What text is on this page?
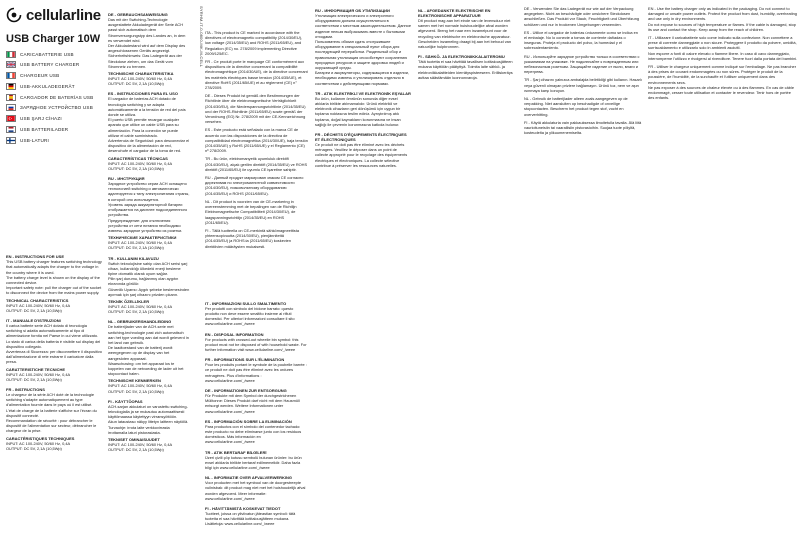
cellularline
USB Charger 10W
CARICABATTERIE USB
USB BATTERY CHARGER
CHARGEUR USB
USB-AKKULADEGERÄT
CARGADOR DE BATERÍAS USB
ЗАРЯДНОЕ УСТРОЙСТВО USB
USB ŞARJ CİHAZI
USB BATTERILADER
USB-LATURI
EN - INSTRUCTIONS FOR USE
This USB battery charger features switching technology that automatically adapts the charger to the voltage in the country where it is used.
The battery charge level is shown on the display of the connected device.
Important safety note: pull the charger out of the socket to disconnect the device from the mains power supply.
TECHNICAL CHARACTERISTICS
INPUT: AC 100-240V, 50/60 Hz, 0,4A
OUTPUT: DC 5V, 2,1A (10,5Wp)
IT - MANUALE D'ISTRUZIONI
Il carica batterie serie ACH dotato di tecnologia switching si adatta automaticamente al tipo di alimentazione fornita nel Paese in cui viene utilizzato.
Lo stato di carica della batteria è visibile sul display del dispositivo collegato.
Avvertenza di Sicurezza: per disconnettere il dispositivo dall'alimentazione di rete estrarre il caricatore dalla presa.
CARATTERISTICHE TECNICHE
INPUT: AC 100-240V, 50/60 Hz, 0,4A
OUTPUT: DC 5V, 2,1A (10,5Wp)
FR - INSTRUCTIONS
Le chargeur de la série ACH doté de la technologie switching s'adapte automatiquement au type d'alimentation fournie dans le pays où il est utilisé.
L'état de charge de la batterie s'affiche sur l'écran du dispositif connecté.
Recommandation de sécurité : pour débrancher le dispositif de l'alimentation sur secteur, débrancher le chargeur de la prise.
CARACTÉRISTIQUES TECHNIQUES
INPUT: AC 100-240V, 50/60 Hz, 0,4A
OUTPUT: DC 5V, 2,1A (10,5Wp)
DE - GEBRAUCHSANWEISUNG
Das mit der Switching-Technologie ausgestattete Akkuladegerät der Serie ACH passt sich automatisch dem Stromversorgungstyp des Landes an, in dem es verwendet wird.
Der Akkuladestand wird auf dem Display des angeschlossenen Geräts angezeigt.
Sicherheitshinweis: Das Ladegerät aus der Steckdose ziehen, um das Gerät vom Stromnetz zu trennen.
TECHNISCHE CHARAKTERISTIKA
INPUT: AC 100-240V, 50/60 Hz, 0,4A
OUTPUT: DC 5V, 2,1A (10,5Wp)
ES - INSTRUCCIONES PARA EL USO
El cargador de baterías ACH dotado de tecnología switching y se adapta automáticamente a la tensión de red del país donde se utiliza.
El puerto USB permite recargar cualquier aparato que utilice un cable USB para su alimentación. Para la conexión se puede utilizar el cable suministrado.
Advertencia de Seguridad: para desconectar el dispositivo de la alimentación de red, desenchufe el cargador de la toma de red.
CARACTERÍSTICAS TÉCNICAS
INPUT: AC 100-240V, 50/60 Hz, 0,4A
OUTPUT: DC 5V, 2,1A (10,5Wp)
RU - ИНСТРУКЦИЯ
Зарядное устройство серии ACH оснащено технологией switching и автоматически адаптируется к типу электропитания страны, в которой оно используется.
Уровень заряда аккумуляторной батареи отображается на дисплее подсоединенного устройства.
Предупреждение: для отключения устройства от сети питания необходимо извлечь зарядное устройство из розетки.
ТЕХНИЧЕСКИЕ ХАРАКТЕРИСТИКИ
INPUT: AC 100-240V, 50/60 Hz, 0,4A
OUTPUT: DC 5V, 2,1A (10,5Wp)
TR - KULLANIM KILAVUZU
Switch teknolojisine sahip olan ACH serisi şarj cihazı, kullanıldığı ülkedeki enerji besleme tipine otomatik olarak uyum sağlar.
Pilin şarj durumu, bağlanmış olan aygıtın ekranında görülür.
Güvenlik Uyarısı: Aygıtı şebeke beslemesinden ayırmak için şarj cihazını prizden çıkarın.
TEKNİK ÖZELLİKLER
INPUT: AC 100-240V, 50/60 Hz, 0,4A
OUTPUT: DC 5V, 2,1A (10,5Wp)
NL - GEBRUIKERSHANDLEIDING
De batterijlader van de ACH-serie met switching-technologie past zich automatisch aan het type voeding aan dat wordt geleverd in het land van gebruik.
De laadtoestand van de batterij wordt weergegeven op de display van het aangesloten apparaat.
Waarschuwing: om het apparaat los te koppelen van de netvoeding de lader uit het stopcontact halen.
TECHNISCHE KENMERKEN
INPUT: AC 100-240V, 50/60 Hz, 0,4A
OUTPUT: DC 5V, 2,1A (10,5Wp)
FI - KÄYTTÖOPAS
ACH-sarjan akkulaturi on varustettu switching-teknologialla ja se mukautuu automaattisesti käyttömaassa käytettyyn virransyöttöön.
Akun lataustaso näkyy liitetyn laitteen näytöllä.
Turvaohje: irrota laite verkkovirrasta irrottamalla laturi pistorasiasta.
TEKNISET OMINAISUUDET
INPUT: AC 100-240V, 50/60 Hz, 0,4A
OUTPUT: DC 5V, 2,1A (10,5Wp)
SYRHM-IT-0-0800-MK-M-CELL ITA - This product is CE marked in accordance with the directives of electromagnetic compatibility (2014/30/EU), low voltage (2014/35/EU) and ROHS (2011/65/EU), and Regulation (EC) no. 278/2009 implementing Directive 2009/125/EC.
FR - Ce produit porte le marquage CE conformément aux dispositions de la directive concernant la compatibilité électromagnétique (2014/30/UE), de la directive concernant les matériels électriques basse tension (2014/35/UE), et directive RoHS (2011/65/UE) et au règlement (CE) n° 278/2009.
DE - Dieses Produkt ist gemäß den Bestimmungen der Richtlinie über die elektromagnetische Verträglichkeit (2014/30/EU), die Niederspannungsrichtlinie (2014/35/EU) und der ROHS-Richtlinie (2011/65/EU) sowie gemäß der Verordnung (EG) Nr. 278/2009 mit der CE-Kennzeichnung versehen.
ES - Este producto está señalado con la marca CE de acuerdo con las disposiciones de la directiva de compatibilidad electromagnética (2014/30/UE), baja tensión (2014/35/UE) y RoHS (2011/65/UE) y el Reglamento (CE) nº 278/2009.
TR - Bu ürün, elektromanyetik uyumluluk direktifi (2014/30/EU), alçak gerilim direktifi (2014/35/EU) ve ROHS direktifi (2011/65/EU) ile uyumlu CE işaretine sahiptir.
RU - Данный продукт маркирован знаком CE согласно директивам по электромагнитной совместимости (2014/30/EU), низковольтному оборудованию (2014/35/EU) и ROHS (2011/65/EU).
NL - Dit product is voorzien van de CE-markering in overeenstemming met de bepalingen van de Richtlijn Elektromagnetische Compatibiliteit (2014/30/EU), de laagspanningsrichtlijn (2014/35/EU) en ROHS (2011/65/EU).
FI - Tällä tuotteella on CE-merkintä sähkömagneettista yhteensopivuutta (2014/30/EU), pienjännitettä (2014/35/EU) ja ROHS:ia (2011/65/EU) koskevien direktiivien määräysten mukaisesti.
IT - INFORMAZIONI SULLO SMALTIMENTO
Per prodotti con simbolo del bidone barrato: questo prodotto non deve essere smaltito insieme ai rifiuti domestici. Per ulteriori informazioni consultare il sito www.cellularline.com/_/weee
EN - DISPOSAL INFORMATION
For products with crossed-out wheelie bin symbol: this product must not be disposed of with household waste. For further information visit www.cellularline.com/_/weee
FR - INFORMATIONS SUR L'ÉLIMINATION
Pour les produits portant le symbole de la poubelle barrée : ce produit ne doit pas être éliminé avec les ordures ménagères. Plus d'informations : www.cellularline.com/_/weee
DE - INFORMATIONEN ZUR ENTSORGUNG
Für Produkte mit dem Symbol der durchgestrichenen Mülltonne: Dieses Produkt darf nicht mit dem Hausmüll entsorgt werden. Weitere Informationen unter www.cellularline.com/_/weee
ES - INFORMACIÓN SOBRE LA ELIMINACIÓN
Para productos con el símbolo del contenedor tachado: este producto no debe eliminarse junto con los residuos domésticos. Más información en www.cellularline.com/_/weee
TR - ATIK BERTARAF BİLGİLERİ
Üzeri çizili çöp kutusu sembolü bulunan ürünler: bu ürün evsel atıklarla birlikte bertaraf edilmemelidir. Daha fazla bilgi için www.cellularline.com/_/weee
NL - INFORMATIE OVER AFVALVERWERKING
Voor producten met het symbool van de doorgestreepte vuilnisbak: dit product mag niet met het huishoudelijk afval worden afgevoerd. Meer informatie: www.cellularline.com/_/weee
FI - HÄVITTÄMISTÄ KOSKEVAT TIEDOT
Tuotteet, joissa on yliviivatun jäteastian symboli: tätä tuotetta ei saa hävittää kotitalousjätteen mukana. Lisätietoja: www.cellularline.com/_/weee
RU - ИНФОРМАЦИЯ ОБ УТИЛИЗАЦИИ
Утилизация электрического и электронного оборудования должна осуществляться в соответствии с местным законодательством. Данное изделие нельзя выбрасывать вместе с бытовыми отходами.
Пользователь обязан сдать отслужившее оборудование в специальный пункт сбора для последующей переработки. Раздельный сбор и правильная утилизация способствуют сохранению природных ресурсов и защите здоровья людей и окружающей среды.
Батареи и аккумуляторы, содержащиеся в изделии, необходимо извлечь и утилизировать отдельно в соответствии с действующими нормами.
TR - ATIK ELEKTRİKLİ VE ELEKTRONİK EŞYALAR
Bu ürün, kullanım ömrünün sonunda diğer evsel atıklarla birlikte atılmamalıdır. Ürünü elektrikli ve elektronik cihazların geri dönüşümü için uygun bir toplama noktasına teslim ediniz. Ayrıştırılmış atık toplama, doğal kaynakların korunmasına ve insan sağlığı ile çevrenin korunmasına katkıda bulunur.
FR - DÉCHETS D'ÉQUIPEMENTS ÉLECTRIQUES ET ÉLECTRONIQUES
Ce produit ne doit pas être éliminé avec les déchets ménagers. Veuillez le déposer dans un point de collecte approprié pour le recyclage des équipements électriques et électroniques. La collecte sélective contribue à préserver les ressources naturelles.
NL - AFGEDANKTE ELEKTRISCHE EN ELEKTRONISCHE APPARATUUR
Dit product mag aan het einde van de levensduur niet samen met het normale huishoudelijke afval worden afgevoerd. Breng het naar een inzamelpunt voor de recycling van elektrische en elektronische apparatuur. Gescheiden inzameling draagt bij aan het behoud van natuurlijke hulpbronnen.
FI - SÄHKÖ- JA ELEKTRONIIKKALAITEROMU
Tätä tuotetta ei saa hävittää tavallisen kotitalousjätteen mukana käyttöiän päätyttyä. Toimita laite sähkö- ja elektroniikkalaitteiden kierrätyspisteeseen. Erilliskeräys auttaa säästämään luonnonvaroja.
DE - Verwenden Sie das Ladegerät nur wie auf der Verpackung angegeben. Nicht an beschädigte oder unsichere Steckdosen anschließen. Das Produkt vor Staub, Feuchtigkeit und Überhitzung schützen und nur in trockenen Umgebungen verwenden.
ES - Utilice el cargador de baterías únicamente como se indica en el embalaje. No lo conecte a tomas de corriente dañadas o inseguras. Proteja el producto del polvo, la humedad y el sobrecalentamiento.
RU - Используйте зарядное устройство только в соответствии с указаниями на упаковке. Не подключайте к поврежденным или небезопасным розеткам. Защищайте изделие от пыли, влаги и перегрева.
TR - Şarj cihazını yalnızca ambalajda belirtildiği gibi kullanın. Hasarlı veya güvenli olmayan prizlere bağlamayın. Ürünü toz, nem ve aşırı ısınmaya karşı koruyun.
NL - Gebruik de batterijlader alleen zoals aangegeven op de verpakking. Niet aansluiten op beschadigde of onveilige stopcontacten. Bescherm het product tegen stof, vocht en oververhitting.
FI - Käytä akkulaturia vain pakkauksessa ilmoitetulla tavalla. Älä liitä vaurioituneisiin tai vaarallisiin pistorasioihin. Suojaa tuote pölyltä, kosteudelta ja ylikuumenemiselta.
EN - Use the battery charger only as indicated in the packaging. Do not connect to damaged or unsafe power outlets. Protect the product from dust, humidity, overheating and use only in dry environments.
Do not expose to sources of high temperature or flames. If the cable is damaged, stop its use and contact the shop. Keep away from the reach of children.
IT - Utilizzare il caricabatterie solo come indicato sulla confezione. Non connettere a prese di corrente danneggiate o non sicure. Proteggere il prodotto da polvere, umidità, surriscaldamento e utilizzarlo solo in ambienti asciutti.
Non esporre a fonti di calore elevato o fiamme libere. In caso di cavo danneggiato, interromperne l'utilizzo e rivolgersi al rivenditore. Tenere fuori dalla portata dei bambini.
FR - Utiliser le chargeur uniquement comme indiqué sur l'emballage. Ne pas brancher à des prises de courant endommagées ou non sûres. Protéger le produit de la poussière, de l'humidité, de la surchauffe et l'utiliser uniquement dans des environnements secs.
Ne pas exposer à des sources de chaleur élevée ou à des flammes. En cas de câble endommagé, cesser toute utilisation et contacter le revendeur. Tenir hors de portée des enfants.
